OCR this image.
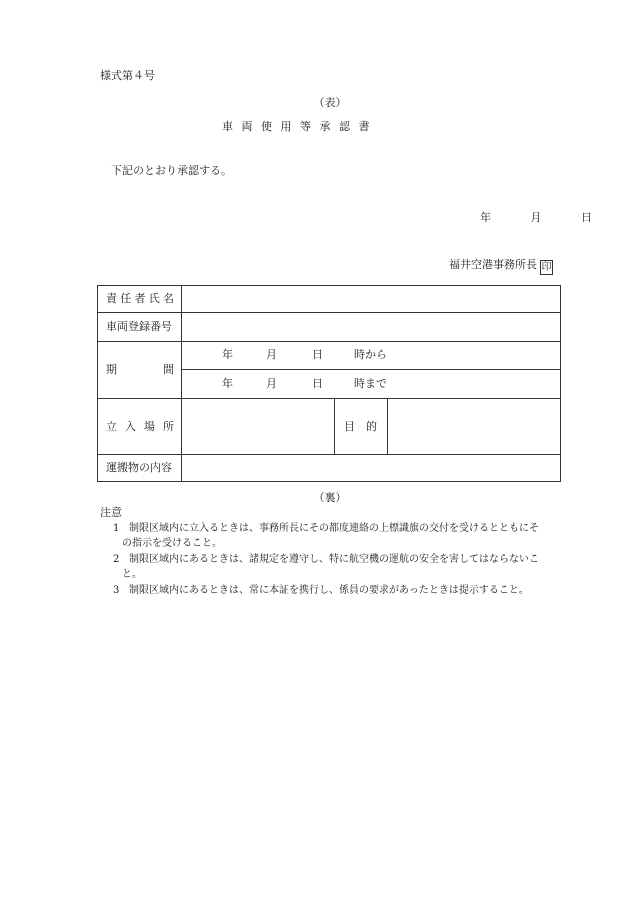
様式第４号
（表）
車両使用等承認書
下記のとおり承認する。
年	月	日
福井空港事務所長 印
責 任 者 氏 名
車両登録番号
期	間
年	月	日	時から
年	月	日	時まで
立 入 場 所	目　的
運搬物の内容
（裏）
注意
1 制限区域内に立入るときは、事務所長にその都度連絡の上標識旗の交付を受けるとともにそ
の指示を受けること。
2 制限区域内にあるときは、諸規定を遵守し、特に航空機の運航の安全を害してはならないこ
と。
3 制限区域内にあるときは、常に本証を携行し、係員の要求があったときは提示すること。
